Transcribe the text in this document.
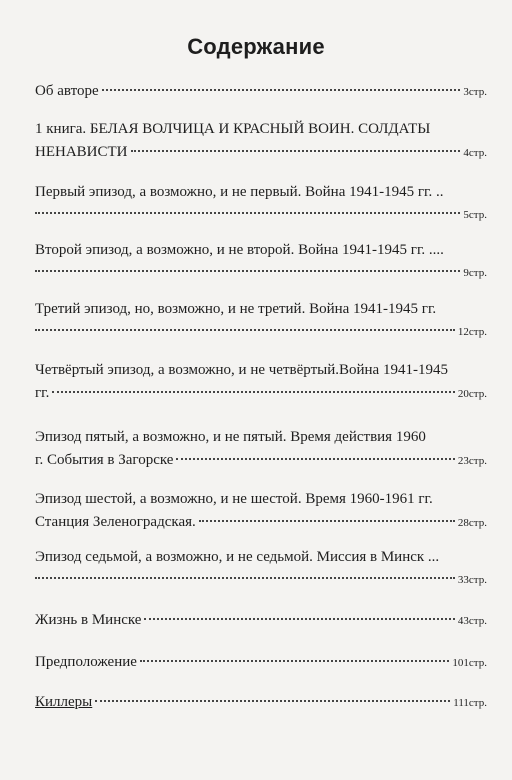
Содержание
Об авторе	3стр.
1 книга. БЕЛАЯ ВОЛЧИЦА И КРАСНЫЙ ВОИН. СОЛДАТЫ
НЕНАВИСТИ	4стр.
Первый эпизод, а возможно, и не первый. Война 1941-1945 гг. ..
5стр.
Второй эпизод, а возможно, и не второй. Война 1941-1945 гг. ....
9стр.
Третий эпизод, но, возможно, и не третий. Война 1941-1945 гг.
12стр.
Четвёртый эпизод, а возможно, и не четвёртый.Война 1941-1945
гг.	20стр.
Эпизод пятый, а возможно, и не пятый. Время действия 1960
г. События в Загорске	23стр.
Эпизод шестой, а возможно, и не шестой. Время 1960-1961 гг.
Станция Зеленоградская.	28стр.
Эпизод седьмой, а возможно, и не седьмой. Миссия в Минск ...
33стр.
Жизнь в Минске	43стр.
Предположение	101стр.
Киллеры	111стр.
